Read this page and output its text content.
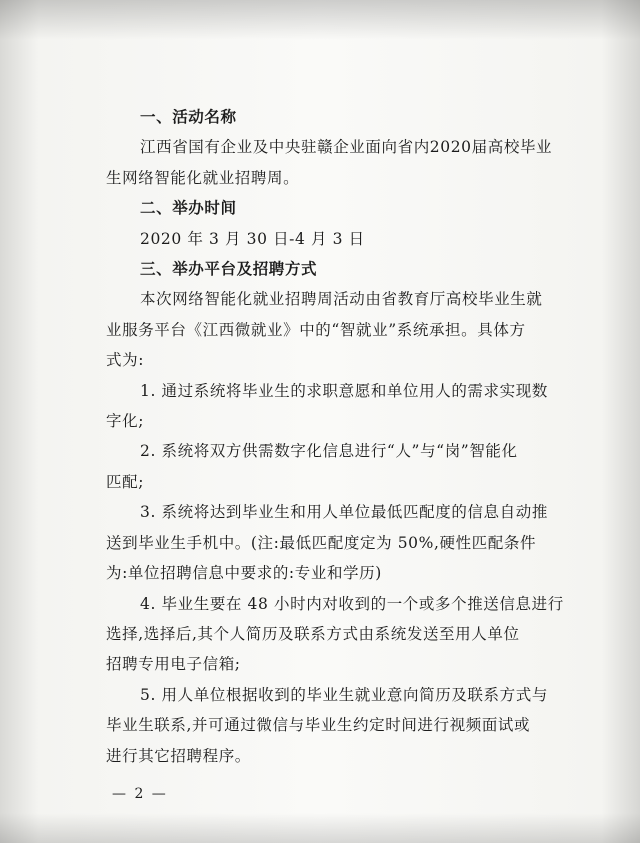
一、活动名称
江西省国有企业及中央驻赣企业面向省内2020届高校毕业
生网络智能化就业招聘周。
二、举办时间
2020 年 3 月 30 日-4 月 3 日
三、举办平台及招聘方式
本次网络智能化就业招聘周活动由省教育厅高校毕业生就
业服务平台《江西微就业》中的“智就业”系统承担。具体方
式为:
1. 通过系统将毕业生的求职意愿和单位用人的需求实现数
字化;
2. 系统将双方供需数字化信息进行“人”与“岗”智能化
匹配;
3. 系统将达到毕业生和用人单位最低匹配度的信息自动推
送到毕业生手机中。(注:最低匹配度定为 50%,硬性匹配条件
为:单位招聘信息中要求的:专业和学历)
4. 毕业生要在 48 小时内对收到的一个或多个推送信息进行
选择,选择后,其个人简历及联系方式由系统发送至用人单位
招聘专用电子信箱;
5. 用人单位根据收到的毕业生就业意向简历及联系方式与
毕业生联系,并可通过微信与毕业生约定时间进行视频面试或
进行其它招聘程序。
— 2 —
